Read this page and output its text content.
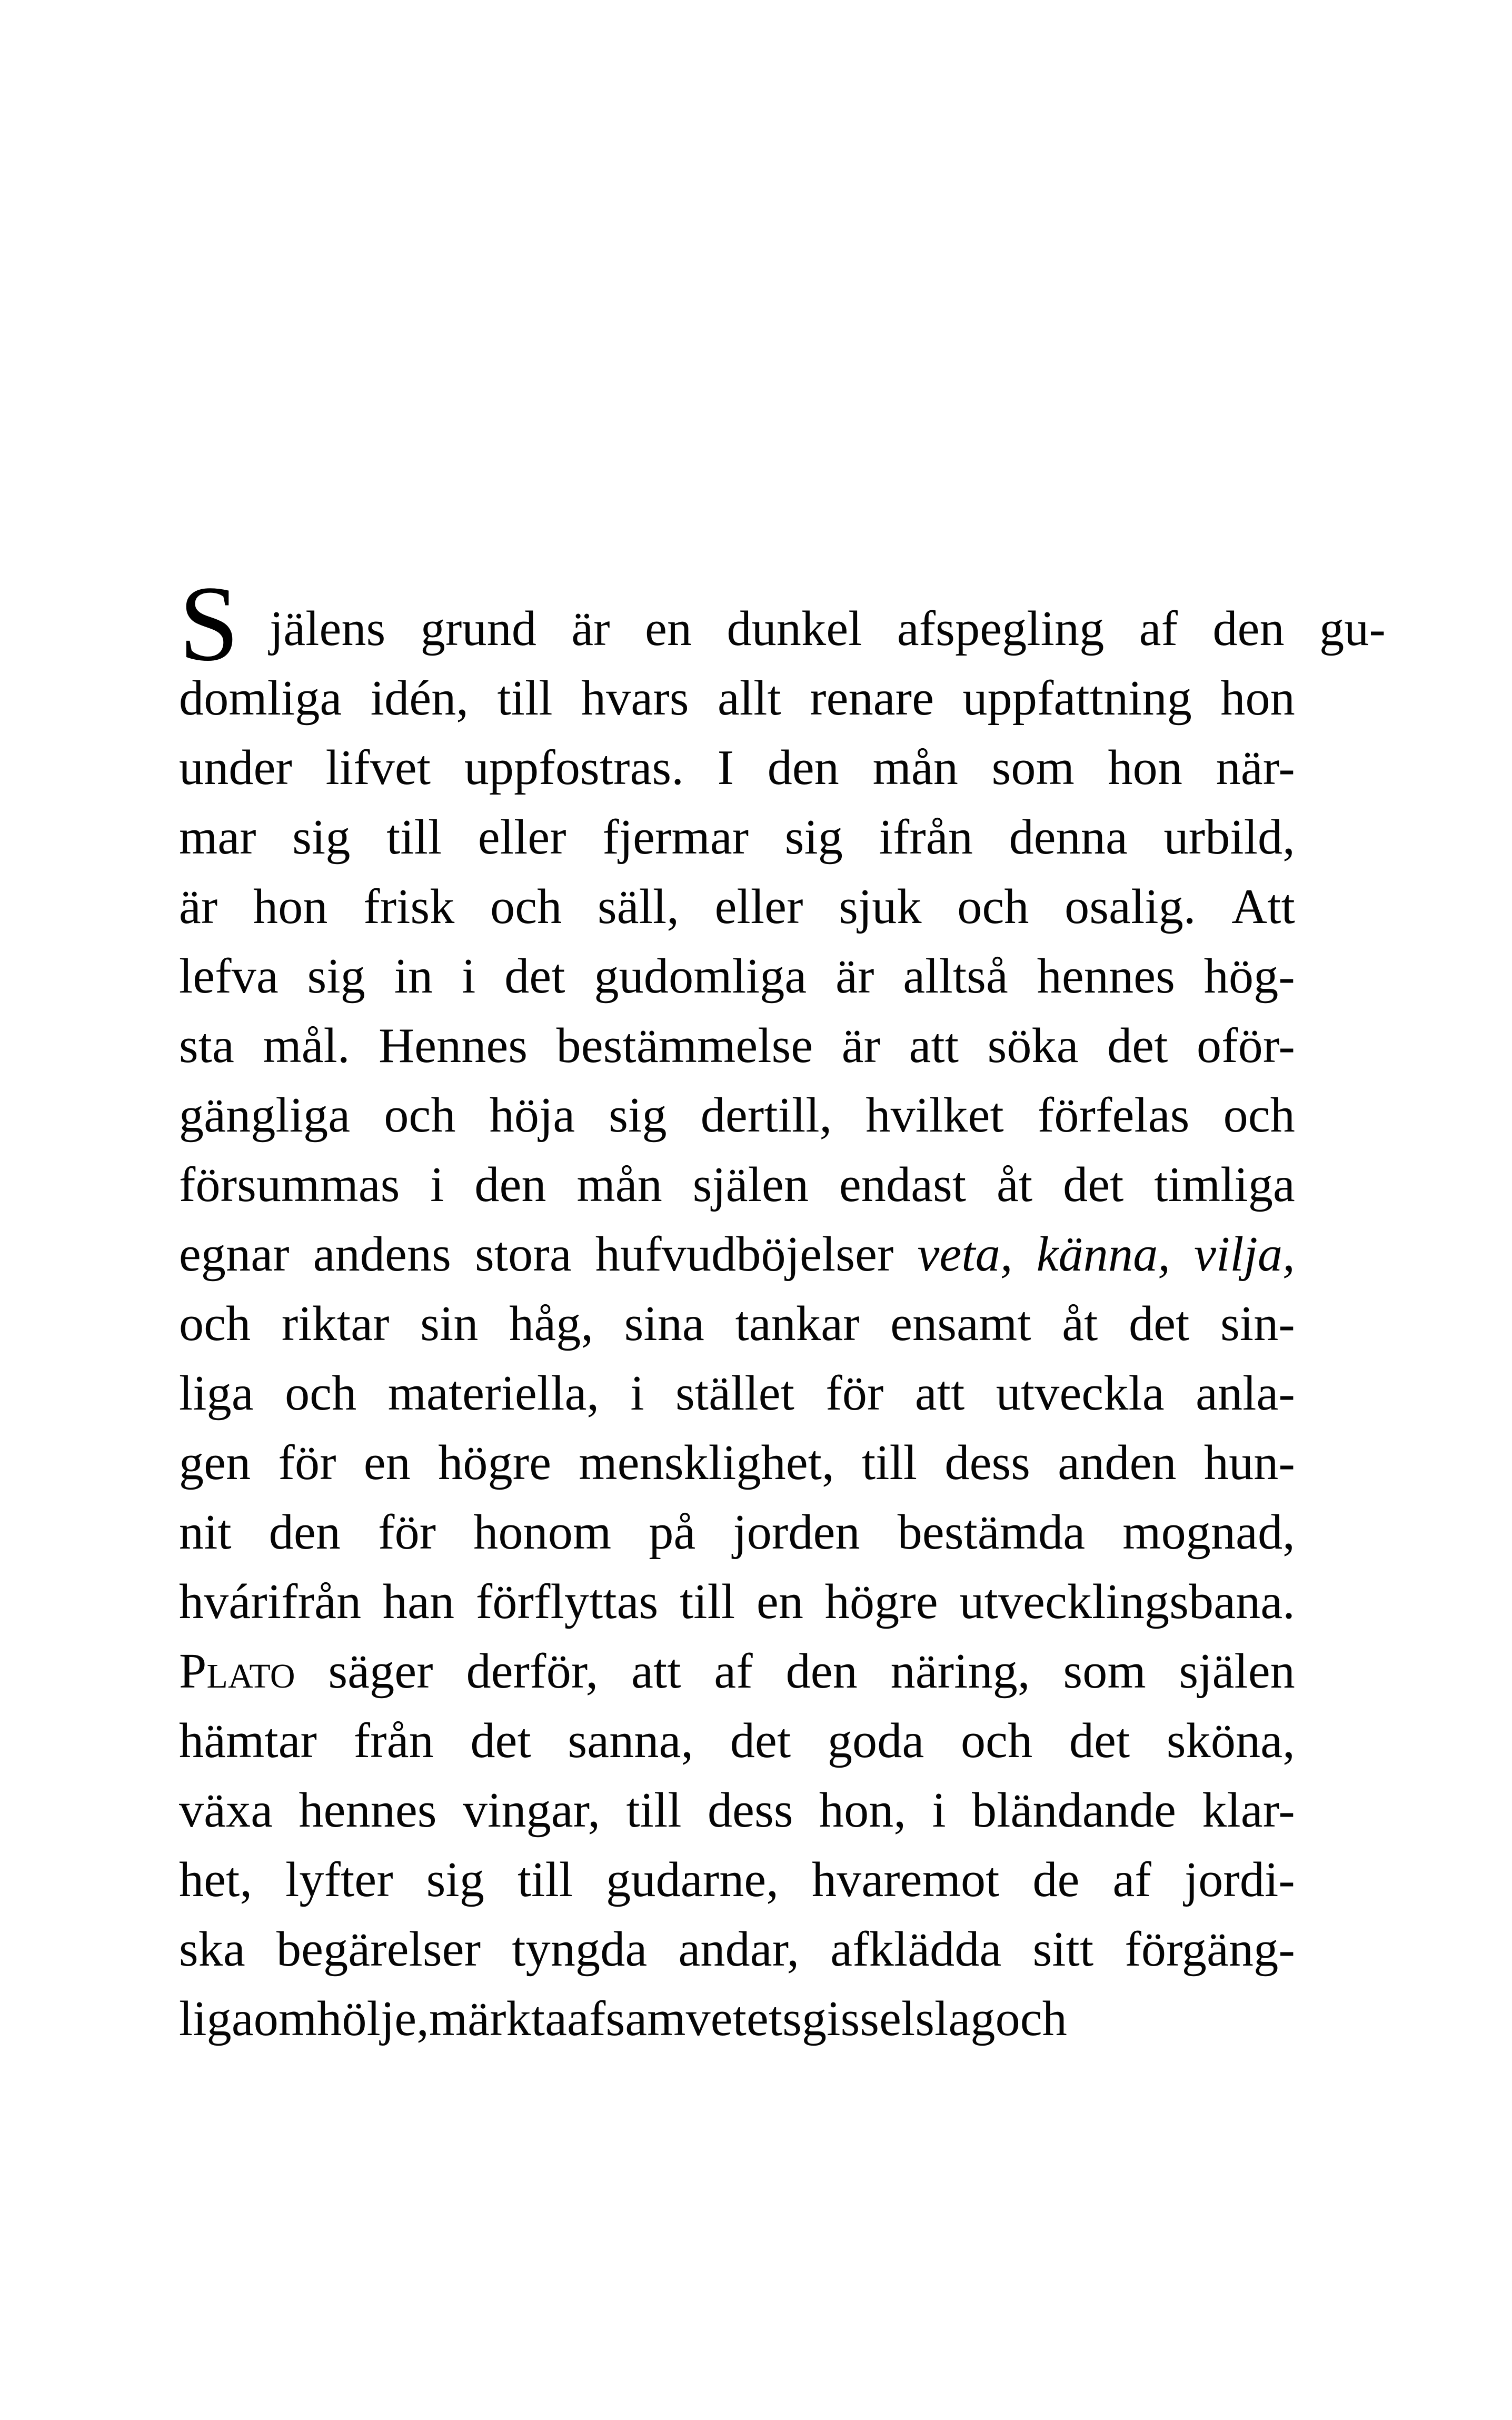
S jälens grund är en dunkel afspegling af den gu-
domliga idén, till hvars allt renare uppfattning hon
under lifvet uppfostras. I den mån som hon när-
mar sig till eller fjermar sig ifrån denna urbild,
är hon frisk och säll, eller sjuk och osalig. Att
lefva sig in i det gudomliga är alltså hennes hög-
sta mål. Hennes bestämmelse är att söka det oför-
gängliga och höja sig dertill, hvilket förfelas och
försummas i den mån själen endast åt det timliga
egnar andens stora hufvudböjelser veta, känna, vilja,
och riktar sin håg, sina tankar ensamt åt det sin-
liga och materiella, i stället för att utveckla anla-
gen för en högre mensklighet, till dess anden hun-
nit den för honom på jorden bestämda mognad,
hvárifrån han förflyttas till en högre utvecklingsbana.
Plato säger derför, att af den näring, som själen
hämtar från det sanna, det goda och det sköna,
växa hennes vingar, till dess hon, i bländande klar-
het, lyfter sig till gudarne, hvaremot de af jordi-
ska begärelser tyngda andar, afklädda sitt förgäng-
liga omhölje, märkta af samvetets gisselslag och
